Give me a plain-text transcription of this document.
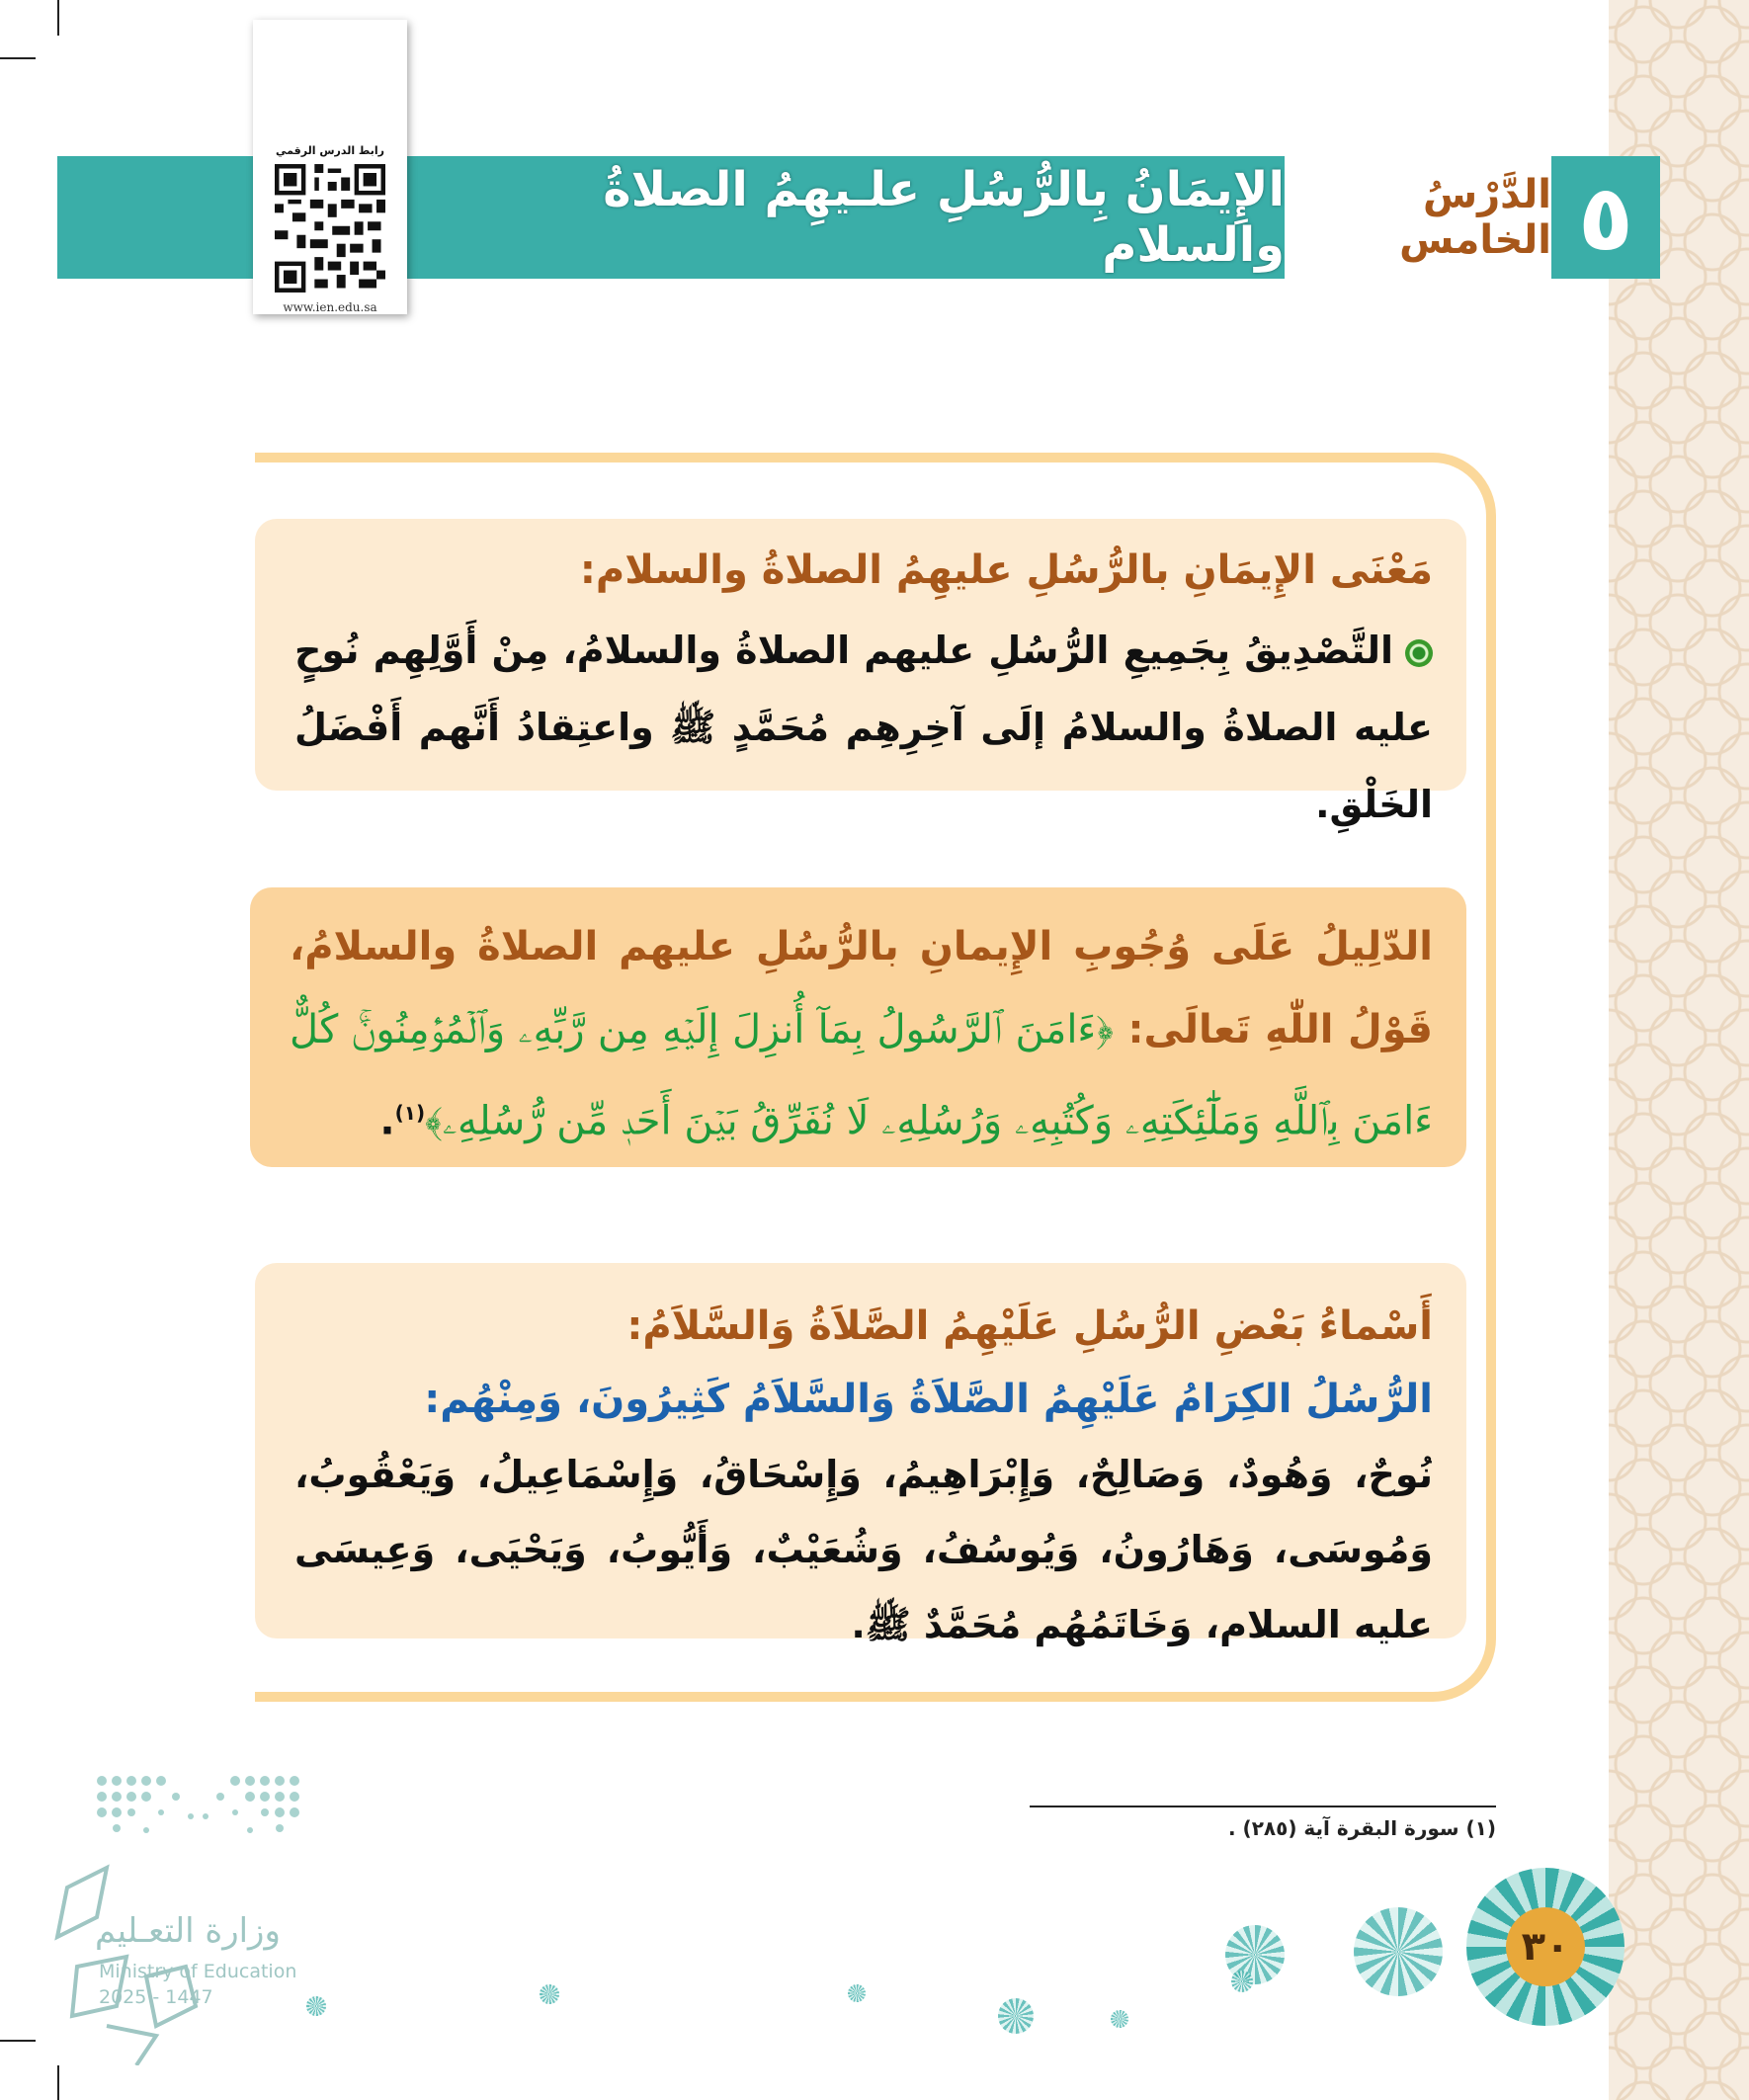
٥
الدَّرْسُ الخامس
الإِيمَانُ بِالرُّسُلِ علـيهِمُ الصلاةُ والسلام
رابط الدرس الرقمي
www.ien.edu.sa
مَعْنَى الإِيمَانِ بالرُّسُلِ عليهِمُ الصلاةُ والسلام:
التَّصْدِيقُ بِجَمِيعِ الرُّسُلِ عليهم الصلاةُ والسلامُ، مِنْ أَوَّلِهِم نُوحٍ عليه الصلاةُ والسلامُ إلَى آخِرِهِم مُحَمَّدٍ ﷺ واعتِقادُ أَنَّهم أَفْضَلُ الخَلْقِ.
الدّلِيلُ عَلَى وُجُوبِ الإِيمانِ بالرُّسُلِ عليهم الصلاةُ والسلامُ، قَوْلُ اللّٰهِ تَعالَى: ﴿ءَامَنَ ٱلرَّسُولُ بِمَآ أُنزِلَ إِلَيۡهِ مِن رَّبِّهِۦ وَٱلۡمُؤۡمِنُونَۚ كُلٌّ ءَامَنَ بِٱللَّهِ وَمَلَٰٓئِكَتِهِۦ وَكُتُبِهِۦ وَرُسُلِهِۦ لَا نُفَرِّقُ بَيۡنَ أَحَدٖ مِّن رُّسُلِهِۦ﴾$^{(١)}$.
أَسْماءُ بَعْضِ الرُّسُلِ عَلَيْهِمُ الصَّلاَةُ وَالسَّلاَمُ:
الرُّسُلُ الكِرَامُ عَلَيْهِمُ الصَّلاَةُ وَالسَّلاَمُ كَثِيرُونَ، وَمِنْهُم:
نُوحٌ، وَهُودٌ، وَصَالِحٌ، وَإِبْرَاهِيمُ، وَإِسْحَاقُ، وَإِسْمَاعِيلُ، وَيَعْقُوبُ، وَمُوسَى، وَهَارُونُ، وَيُوسُفُ، وَشُعَيْبٌ، وَأَيُّوبُ، وَيَحْيَى، وَعِيسَى عليه السلام، وَخَاتَمُهُم مُحَمَّدٌ ﷺ.
(١) سورة البقرة آية (٢٨٥) .
٣٠
وزارة التعـليم
Ministry of Education
2025 - 1447
